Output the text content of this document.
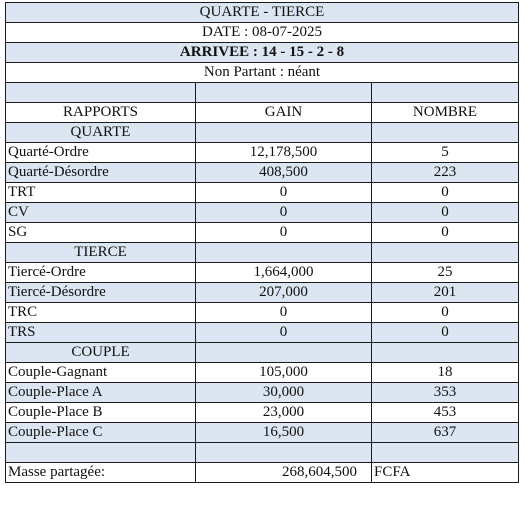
QUARTE - TIERCE		
DATE : 08-07-2025		
ARRIVEE : 14 - 15 - 2 - 8		
Non Partant : néant		

RAPPORTS	GAIN	NOMBRE
QUARTE		
Quarté-Ordre	12,178,500	5
Quarté-Désordre	408,500	223
TRT	0	0
CV	0	0
SG	0	0
TIERCE		
Tiercé-Ordre	1,664,000	25
Tiercé-Désordre	207,000	201
TRC	0	0
TRS	0	0
COUPLE		
Couple-Gagnant	105,000	18
Couple-Place A	30,000	353
Couple-Place B	23,000	453
Couple-Place C	16,500	637

Masse partagée:	268,604,500	FCFA
